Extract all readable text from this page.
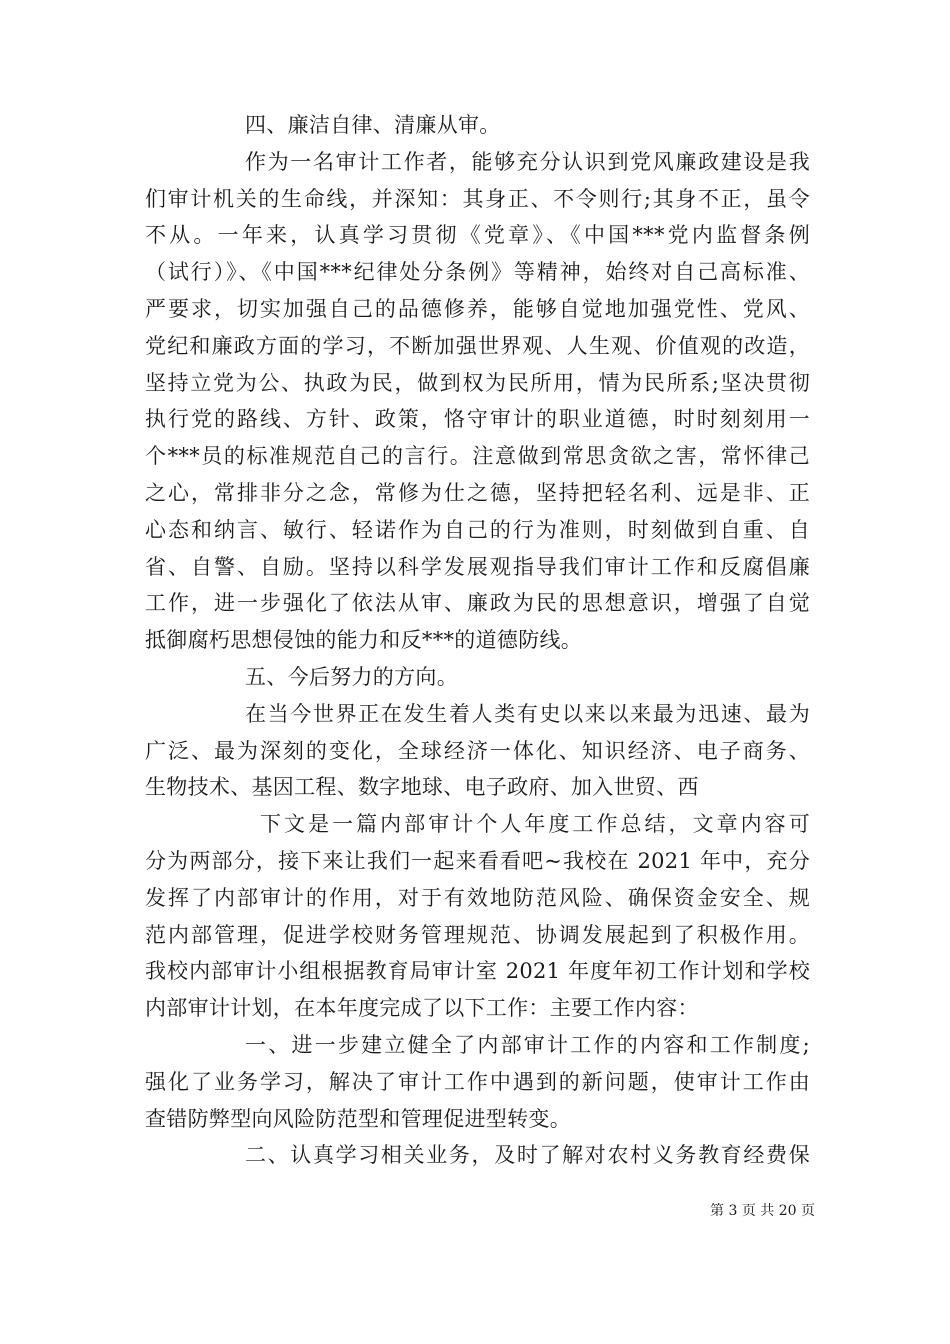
四、廉洁自律、清廉从审。
作为一名审计工作者，能够充分认识到党风廉政建设是我
们审计机关的生命线，并深知：其身正、不令则行;其身不正，虽令
不从。一年来，认真学习贯彻《党章》、《中国***党内监督条例
（试行）》、《中国***纪律处分条例》等精神，始终对自己高标准、
严要求，切实加强自己的品德修养，能够自觉地加强党性、党风、
党纪和廉政方面的学习，不断加强世界观、人生观、价值观的改造，
坚持立党为公、执政为民，做到权为民所用，情为民所系;坚决贯彻
执行党的路线、方针、政策，恪守审计的职业道德，时时刻刻用一
个***员的标准规范自己的言行。注意做到常思贪欲之害，常怀律己
之心，常排非分之念，常修为仕之德，坚持把轻名利、远是非、正
心态和纳言、敏行、轻诺作为自己的行为准则，时刻做到自重、自
省、自警、自励。坚持以科学发展观指导我们审计工作和反腐倡廉
工作，进一步强化了依法从审、廉政为民的思想意识，增强了自觉
抵御腐朽思想侵蚀的能力和反***的道德防线。
五、今后努力的方向。
在当今世界正在发生着人类有史以来以来最为迅速、最为
广泛、最为深刻的变化，全球经济一体化、知识经济、电子商务、
生物技术、基因工程、数字地球、电子政府、加入世贸、西
下文是一篇内部审计个人年度工作总结，文章内容可
分为两部分，接下来让我们一起来看看吧~我校在 2021 年中，充分
发挥了内部审计的作用，对于有效地防范风险、确保资金安全、规
范内部管理，促进学校财务管理规范、协调发展起到了积极作用。
我校内部审计小组根据教育局审计室 2021 年度年初工作计划和学校
内部审计计划，在本年度完成了以下工作：主要工作内容：
一、进一步建立健全了内部审计工作的内容和工作制度;
强化了业务学习，解决了审计工作中遇到的新问题，使审计工作由
查错防弊型向风险防范型和管理促进型转变。
二、认真学习相关业务，及时了解对农村义务教育经费保
第 3 页 共 20 页
